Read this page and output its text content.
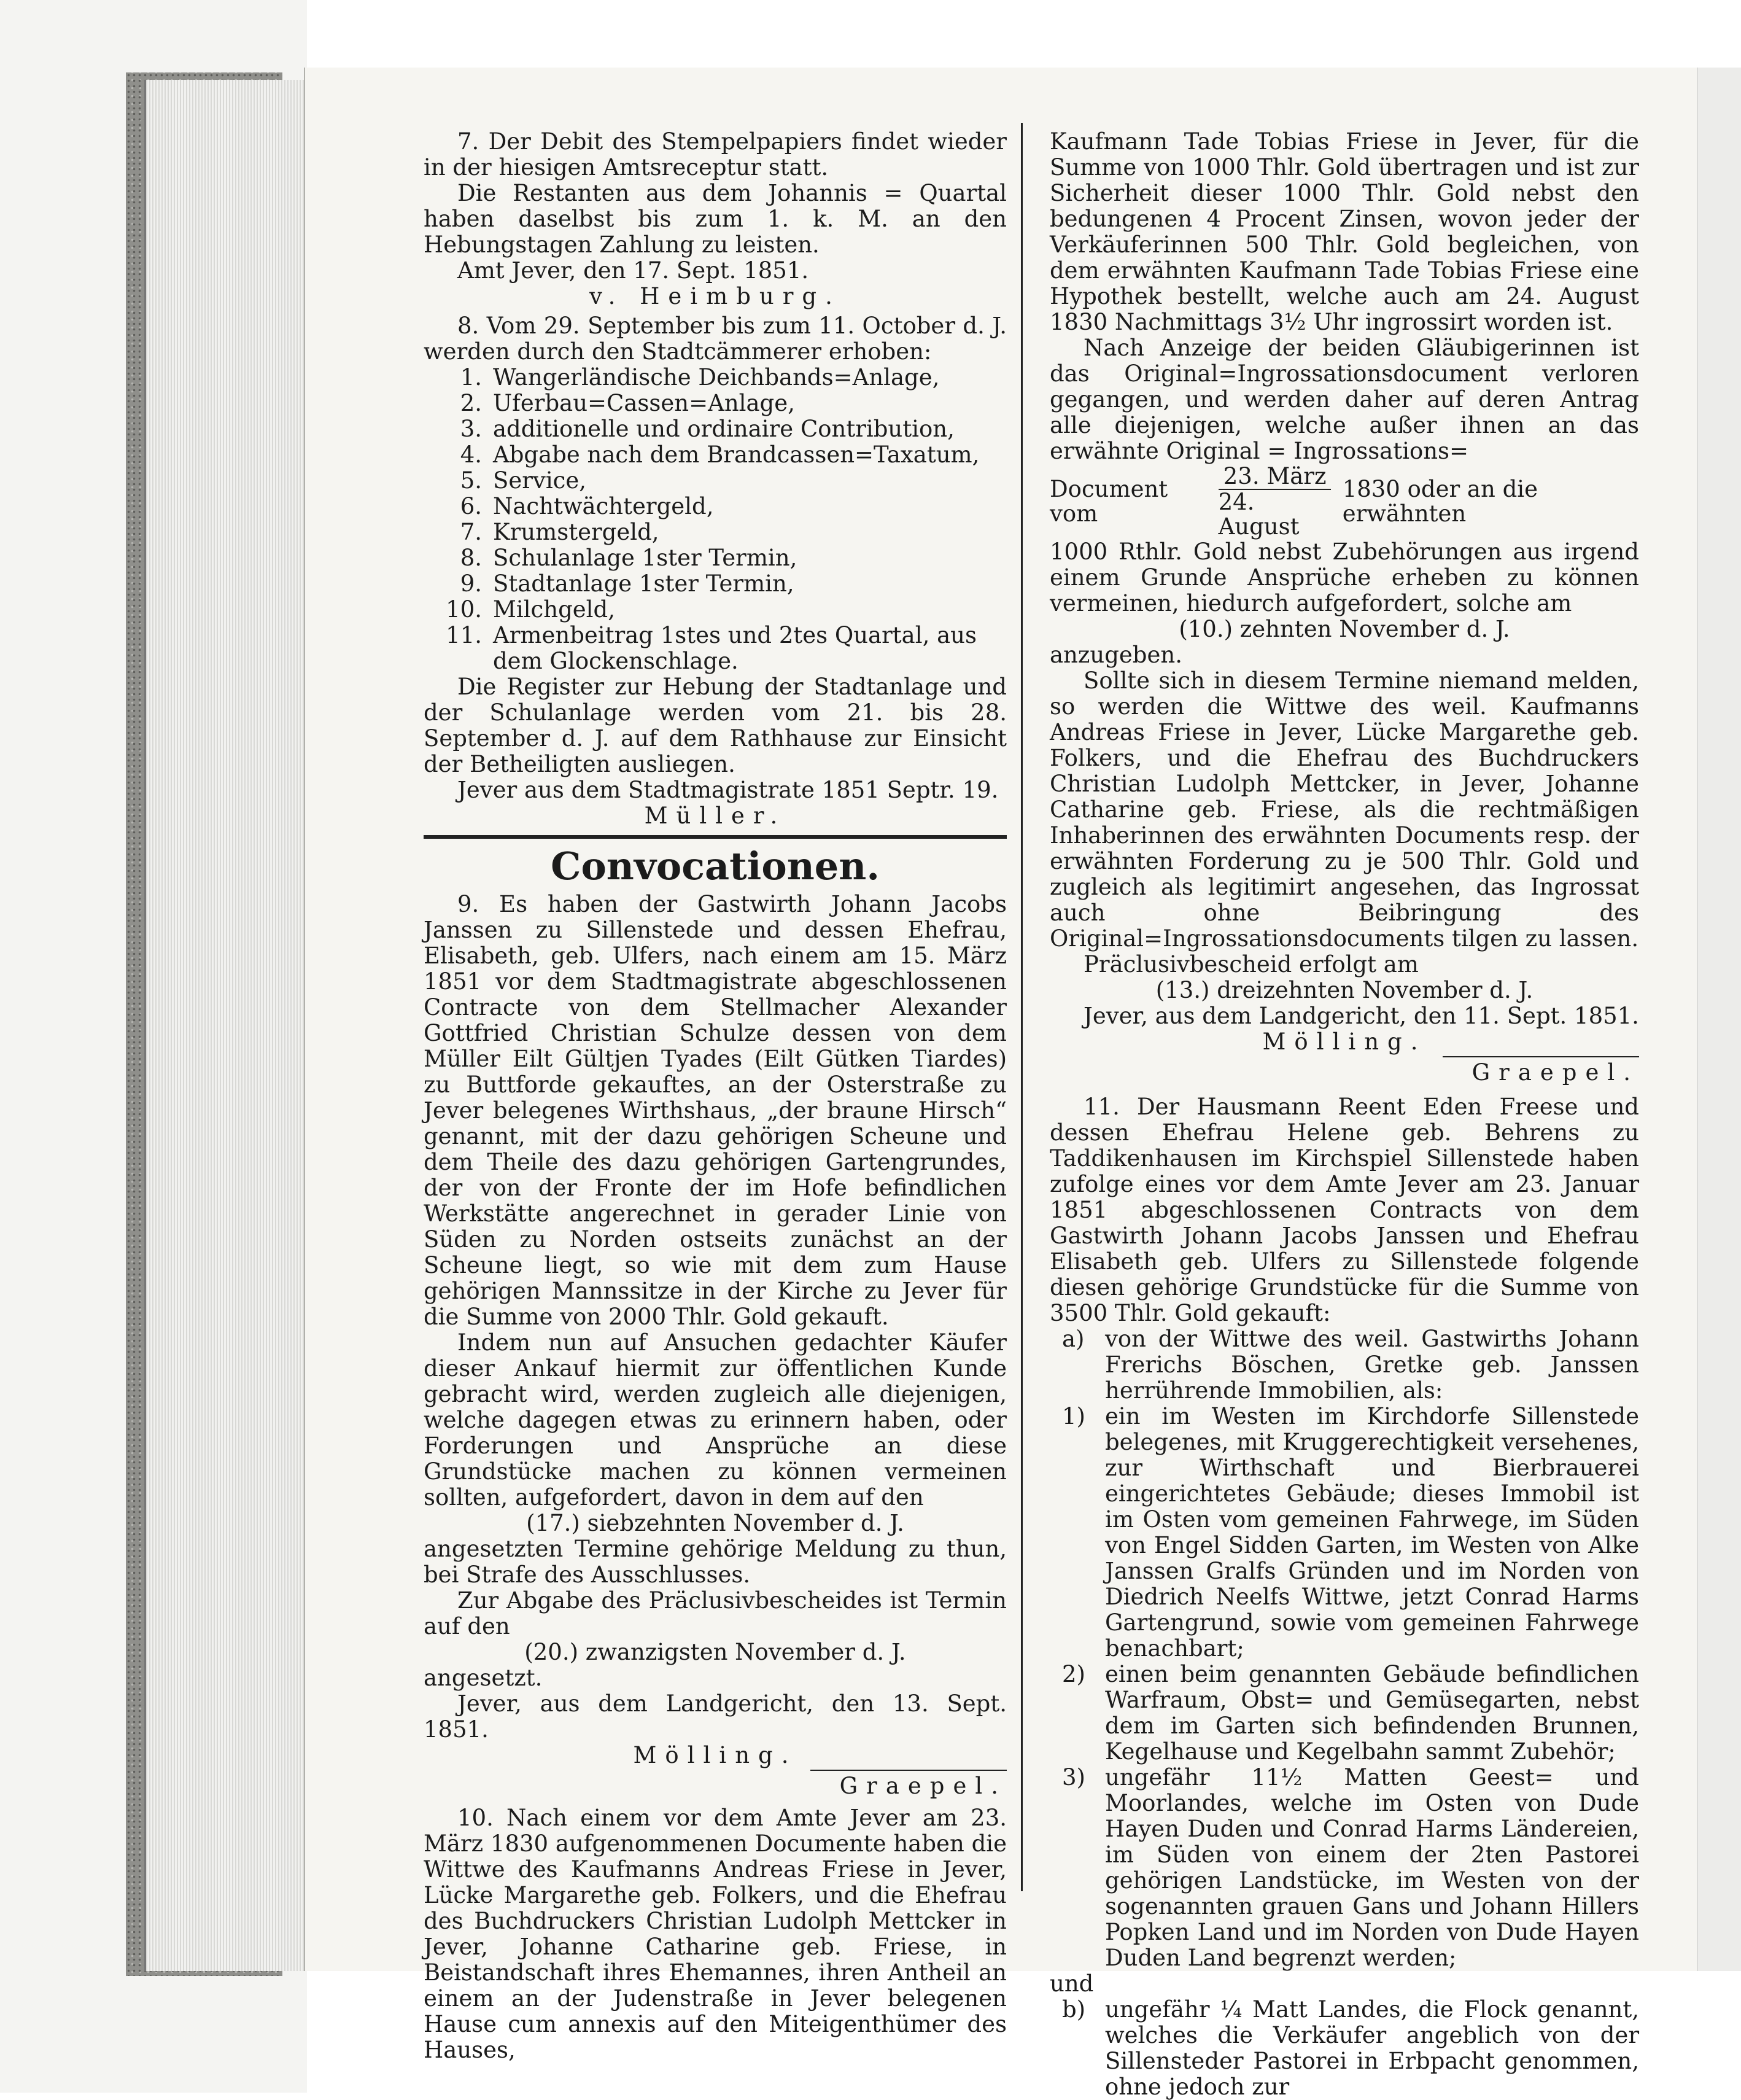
7. Der Debit des Stempelpapiers findet wieder in der hiesigen Amtsreceptur statt.

Die Restanten aus dem Johannis = Quartal haben daselbst bis zum 1. k. M. an den Hebungstagen Zahlung zu leisten.

Amt Jever, den 17. Sept. 1851.

v. Heimburg.

8. Vom 29. September bis zum 11. October d. J. werden durch den Stadtcämmerer erhoben:

1. Wangerländische Deichbands=Anlage,
2. Uferbau=Cassen=Anlage,
3. additionelle und ordinaire Contribution,
4. Abgabe nach dem Brandcassen=Taxatum,
5. Service,
6. Nachtwächtergeld,
7. Krumstergeld,
8. Schulanlage 1ster Termin,
9. Stadtanlage 1ster Termin,
10. Milchgeld,
11. Armenbeitrag 1stes und 2tes Quartal, aus dem Glockenschlage.

Die Register zur Hebung der Stadtanlage und der Schulanlage werden vom 21. bis 28. September d. J. auf dem Rathhause zur Einsicht der Betheiligten ausliegen.

Jever aus dem Stadtmagistrate 1851 Septr. 19.

Müller.

Convocationen.

9. Es haben der Gastwirth Johann Jacobs Janssen zu Sillenstede und dessen Ehefrau, Elisabeth, geb. Ulfers, nach einem am 15. März 1851 vor dem Stadtmagistrate abgeschlossenen Contracte von dem Stellmacher Alexander Gottfried Christian Schulze dessen von dem Müller Eilt Gültjen Tyades (Eilt Gütken Tiardes) zu Buttforde gekauftes, an der Osterstraße zu Jever belegenes Wirthshaus, „der braune Hirsch“ genannt, mit der dazu gehörigen Scheune und dem Theile des dazu gehörigen Gartengrundes, der von der Fronte der im Hofe befindlichen Werkstätte angerechnet in gerader Linie von Süden zu Norden ostseits zunächst an der Scheune liegt, so wie mit dem zum Hause gehörigen Mannssitze in der Kirche zu Jever für die Summe von 2000 Thlr. Gold gekauft.

Indem nun auf Ansuchen gedachter Käufer dieser Ankauf hiermit zur öffentlichen Kunde gebracht wird, werden zugleich alle diejenigen, welche dagegen etwas zu erinnern haben, oder Forderungen und Ansprüche an diese Grundstücke machen zu können vermeinen sollten, aufgefordert, davon in dem auf den

(17.) siebzehnten November d. J.

angesetzten Termine gehörige Meldung zu thun, bei Strafe des Ausschlusses.

Zur Abgabe des Präclusivbescheides ist Termin auf den

(20.) zwanzigsten November d. J.

angesetzt.

Jever, aus dem Landgericht, den 13. Sept. 1851.

Mölling.

Graepel.

10. Nach einem vor dem Amte Jever am 23. März 1830 aufgenommenen Documente haben die Wittwe des Kaufmanns Andreas Friese in Jever, Lücke Margarethe geb. Folkers, und die Ehefrau des Buchdruckers Christian Ludolph Mettcker in Jever, Johanne Catharine geb. Friese, in Beistandschaft ihres Ehemannes, ihren Antheil an einem an der Judenstraße in Jever belegenen Hause cum annexis auf den Miteigenthümer des Hauses,

Kaufmann Tade Tobias Friese in Jever, für die Summe von 1000 Thlr. Gold übertragen und ist zur Sicherheit dieser 1000 Thlr. Gold nebst den bedungenen 4 Procent Zinsen, wovon jeder der Verkäuferinnen 500 Thlr. Gold begleichen, von dem erwähnten Kaufmann Tade Tobias Friese eine Hypothek bestellt, welche auch am 24. August 1830 Nachmittags 3½ Uhr ingrossirt worden ist.

Nach Anzeige der beiden Gläubigerinnen ist das Original=Ingrossationsdocument verloren gegangen, und werden daher auf deren Antrag alle diejenigen, welche außer ihnen an das erwähnte Original = Ingrossations=

Document vom
23. März
24. August
1830 oder an die erwähnten

1000 Rthlr. Gold nebst Zubehörungen aus irgend einem Grunde Ansprüche erheben zu können vermeinen, hiedurch aufgefordert, solche am

(10.) zehnten November d. J.

anzugeben.

Sollte sich in diesem Termine niemand melden, so werden die Wittwe des weil. Kaufmanns Andreas Friese in Jever, Lücke Margarethe geb. Folkers, und die Ehefrau des Buchdruckers Christian Ludolph Mettcker, in Jever, Johanne Catharine geb. Friese, als die rechtmäßigen Inhaberinnen des erwähnten Documents resp. der erwähnten Forderung zu je 500 Thlr. Gold und zugleich als legitimirt angesehen, das Ingrossat auch ohne Beibringung des Original=Ingrossationsdocuments tilgen zu lassen.

Präclusivbescheid erfolgt am

(13.) dreizehnten November d. J.

Jever, aus dem Landgericht, den 11. Sept. 1851.

Mölling.

Graepel.

11. Der Hausmann Reent Eden Freese und dessen Ehefrau Helene geb. Behrens zu Taddikenhausen im Kirchspiel Sillenstede haben zufolge eines vor dem Amte Jever am 23. Januar 1851 abgeschlossenen Contracts von dem Gastwirth Johann Jacobs Janssen und Ehefrau Elisabeth geb. Ulfers zu Sillenstede folgende diesen gehörige Grundstücke für die Summe von 3500 Thlr. Gold gekauft:

a) von der Wittwe des weil. Gastwirths Johann Frerichs Böschen, Gretke geb. Janssen herrührende Immobilien, als:
1) ein im Westen im Kirchdorfe Sillenstede belegenes, mit Kruggerechtigkeit versehenes, zur Wirthschaft und Bierbrauerei eingerichtetes Gebäude; dieses Immobil ist im Osten vom gemeinen Fahrwege, im Süden von Engel Sidden Garten, im Westen von Alke Janssen Gralfs Gründen und im Norden von Diedrich Neelfs Wittwe, jetzt Conrad Harms Gartengrund, sowie vom gemeinen Fahrwege benachbart;
2) einen beim genannten Gebäude befindlichen Warfraum, Obst= und Gemüsegarten, nebst dem im Garten sich befindenden Brunnen, Kegelhause und Kegelbahn sammt Zubehör;
3) ungefähr 11½ Matten Geest= und Moorlandes, welche im Osten von Dude Hayen Duden und Conrad Harms Ländereien, im Süden von einem der 2ten Pastorei gehörigen Landstücke, im Westen von der sogenannten grauen Gans und Johann Hillers Popken Land und im Norden von Dude Hayen Duden Land begrenzt werden;

und

b) ungefähr ¼ Matt Landes, die Flock genannt, welches die Verkäufer angeblich von der Sillensteder Pastorei in Erbpacht genommen, ohne jedoch zur
